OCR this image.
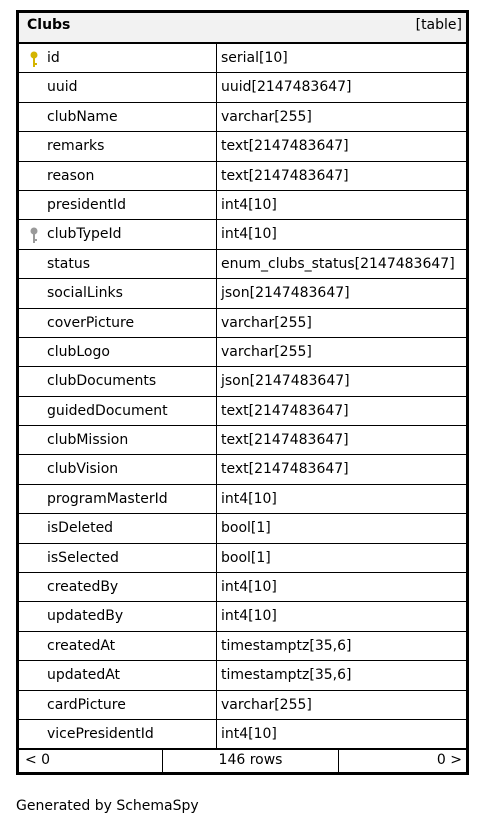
Clubs	[table]
id	serial[10]
uuid	uuid[2147483647]
clubName	varchar[255]
remarks	text[2147483647]
reason	text[2147483647]
presidentId	int4[10]
clubTypeId	int4[10]
status	enum_clubs_status[2147483647]
socialLinks	json[2147483647]
coverPicture	varchar[255]
clubLogo	varchar[255]
clubDocuments	json[2147483647]
guidedDocument	text[2147483647]
clubMission	text[2147483647]
clubVision	text[2147483647]
programMasterId	int4[10]
isDeleted	bool[1]
isSelected	bool[1]
createdBy	int4[10]
updatedBy	int4[10]
createdAt	timestamptz[35,6]
updatedAt	timestamptz[35,6]
cardPicture	varchar[255]
vicePresidentId	int4[10]
< 0	146 rows	0 >
Generated by SchemaSpy
